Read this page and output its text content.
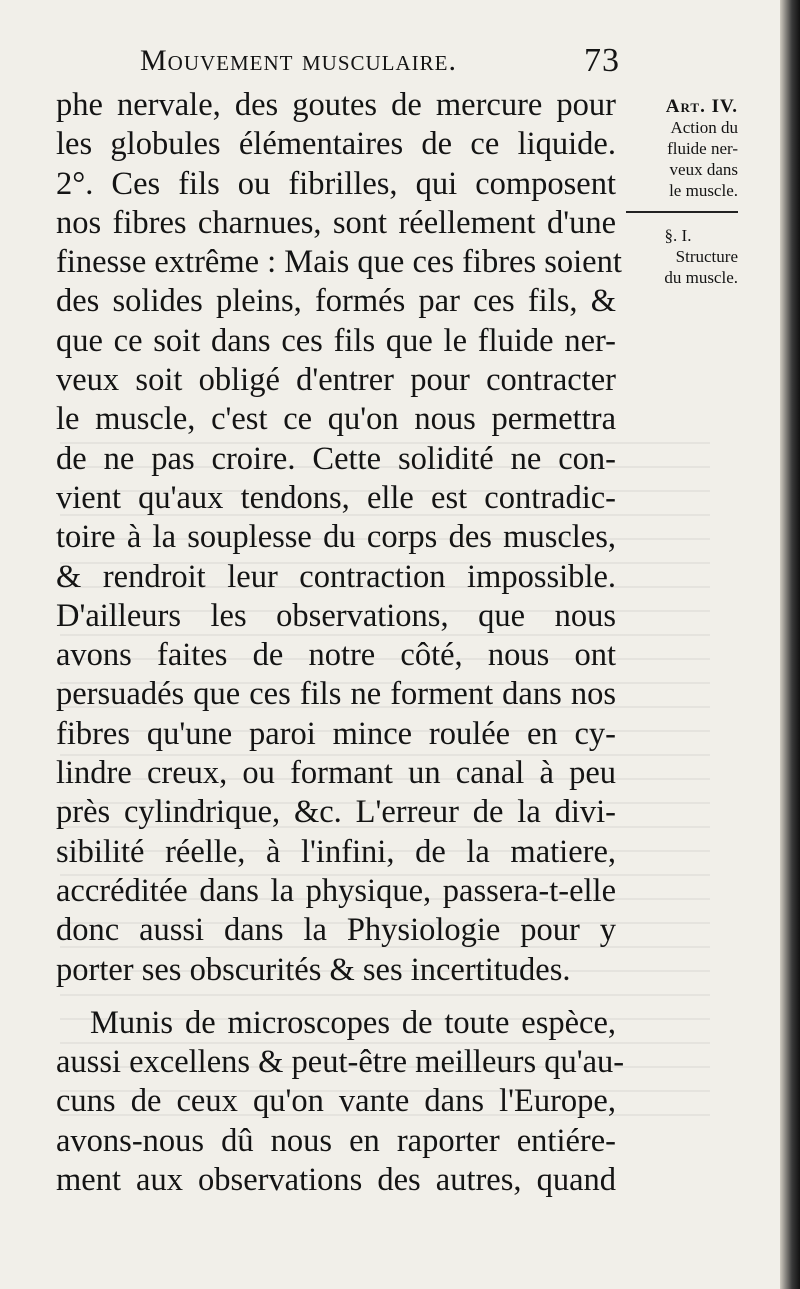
Mouvement musculaire.	73
phe nervale, des goutes de mercure pour
les globules élémentaires de ce liquide.
2°. Ces fils ou fibrilles, qui composent
nos fibres charnues, sont réellement d'une
finesse extrême : Mais que ces fibres soient
des solides pleins, formés par ces fils, &
que ce soit dans ces fils que le fluide ner-
veux soit obligé d'entrer pour contracter
le muscle, c'est ce qu'on nous permettra
de ne pas croire. Cette solidité ne con-
vient qu'aux tendons, elle est contradic-
toire à la souplesse du corps des muscles,
& rendroit leur contraction impossible.
D'ailleurs les observations, que nous
avons faites de notre côté, nous ont
persuadés que ces fils ne forment dans nos
fibres qu'une paroi mince roulée en cy-
lindre creux, ou formant un canal à peu
près cylindrique, &c. L'erreur de la divi-
sibilité réelle, à l'infini, de la matiere,
accréditée dans la physique, passera-t-elle
donc aussi dans la Physiologie pour y
porter ses obscurités & ses incertitudes.
Munis de microscopes de toute espèce,
aussi excellens & peut-être meilleurs qu'au-
cuns de ceux qu'on vante dans l'Europe,
avons-nous dû nous en raporter entiére-
ment aux observations des autres, quand
Art. IV.
Action du
fluide ner-
veux dans
le muscle.
§. I.
Structure
du muscle.
